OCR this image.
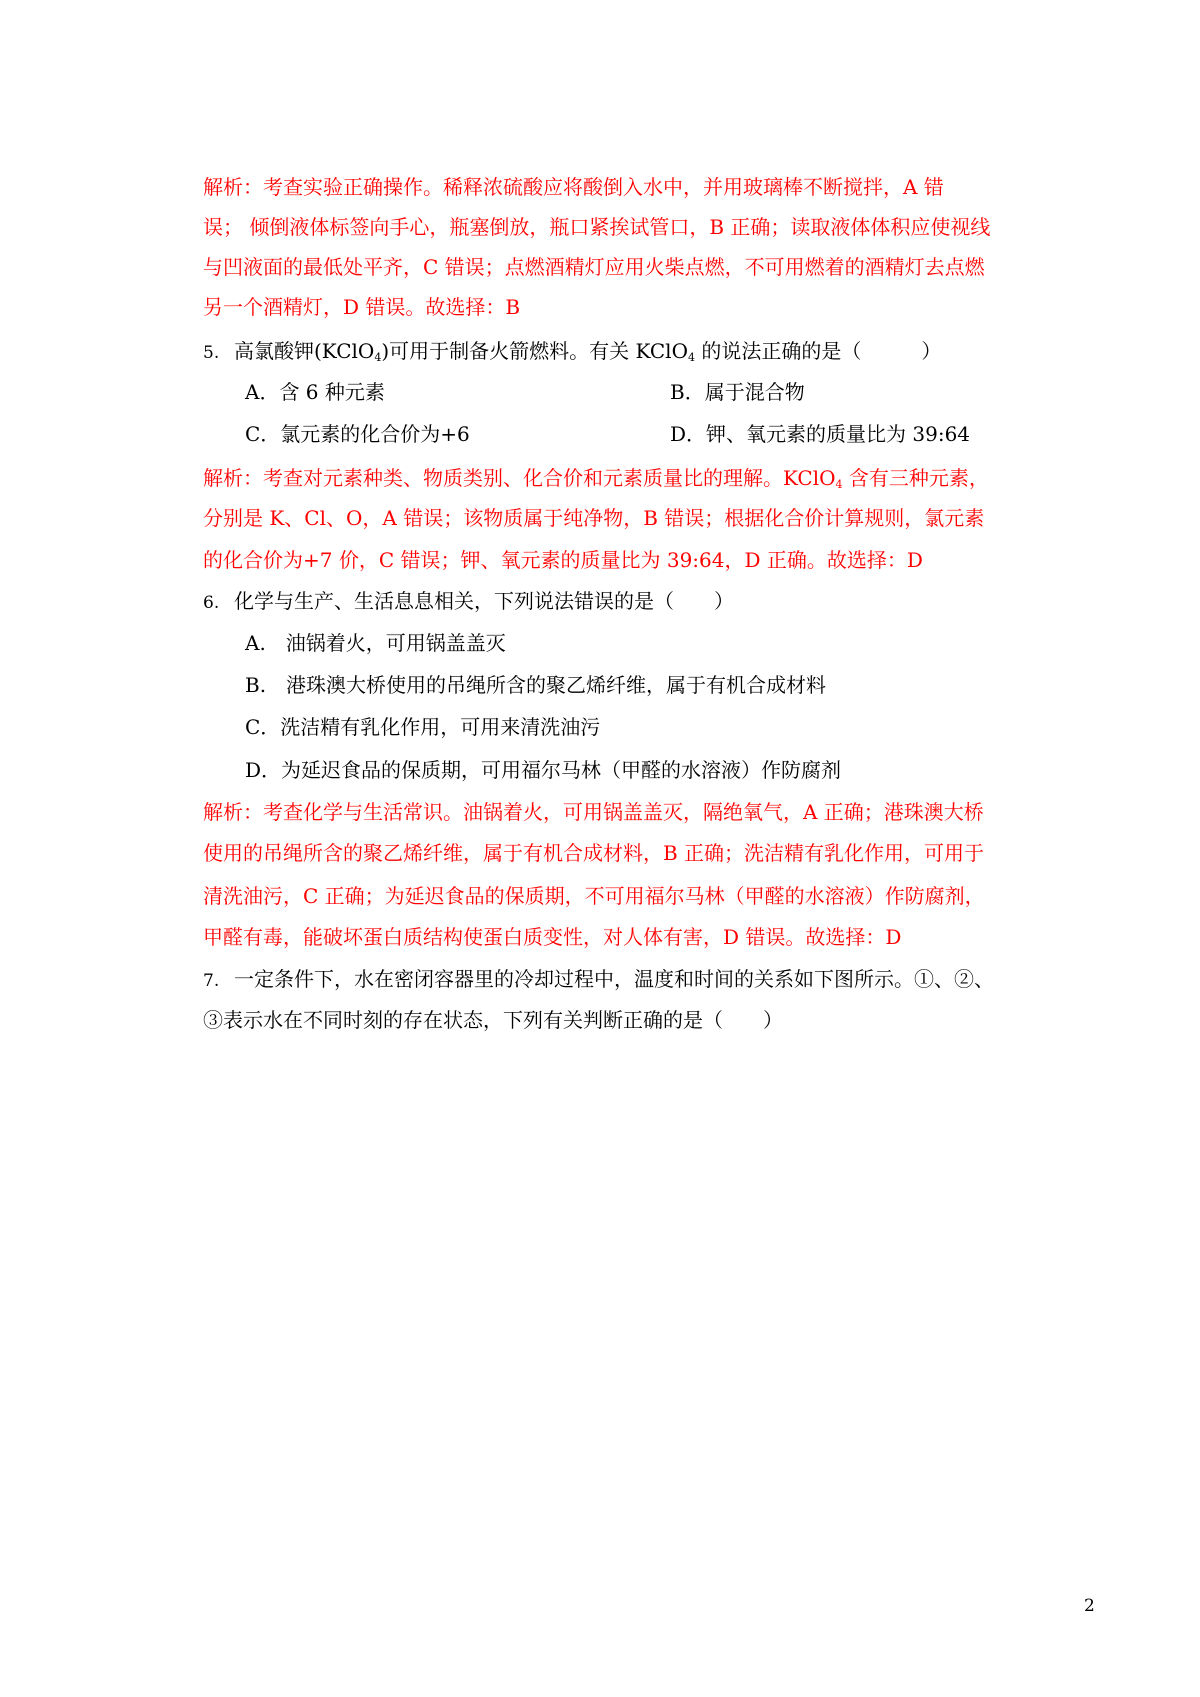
解析：考查实验正确操作。稀释浓硫酸应将酸倒入水中，并用玻璃棒不断搅拌，A 错
误； 倾倒液体标签向手心，瓶塞倒放，瓶口紧挨试管口，B 正确；读取液体体积应使视线
与凹液面的最低处平齐，C 错误；点燃酒精灯应用火柴点燃，不可用燃着的酒精灯去点燃
另一个酒精灯，D 错误。故选择：B
5. 高氯酸钾(KClO$_4$)可用于制备火箭燃料。有关 KClO$_4$ 的说法正确的是（　　　）
A．含 6 种元素	B．属于混合物
C．氯元素的化合价为+6	D．钾、氧元素的质量比为 39:64
解析：考查对元素种类、物质类别、化合价和元素质量比的理解。KClO$_4$ 含有三种元素，
分别是 K、Cl、O，A 错误；该物质属于纯净物，B 错误；根据化合价计算规则，氯元素
的化合价为+7 价，C 错误；钾、氧元素的质量比为 39:64，D 正确。故选择：D
6. 化学与生产、生活息息相关，下列说法错误的是（　　）
A.　油锅着火，可用锅盖盖灭
B.　港珠澳大桥使用的吊绳所含的聚乙烯纤维，属于有机合成材料
C．洗洁精有乳化作用，可用来清洗油污
D．为延迟食品的保质期，可用福尔马林（甲醛的水溶液）作防腐剂
解析：考查化学与生活常识。油锅着火，可用锅盖盖灭，隔绝氧气，A 正确；港珠澳大桥
使用的吊绳所含的聚乙烯纤维，属于有机合成材料，B 正确；洗洁精有乳化作用，可用于
清洗油污，C 正确；为延迟食品的保质期，不可用福尔马林（甲醛的水溶液）作防腐剂，
甲醛有毒，能破坏蛋白质结构使蛋白质变性，对人体有害，D 错误。故选择：D
7. 一定条件下，水在密闭容器里的冷却过程中，温度和时间的关系如下图所示。①、②、
③表示水在不同时刻的存在状态，下列有关判断正确的是（　　）
2
